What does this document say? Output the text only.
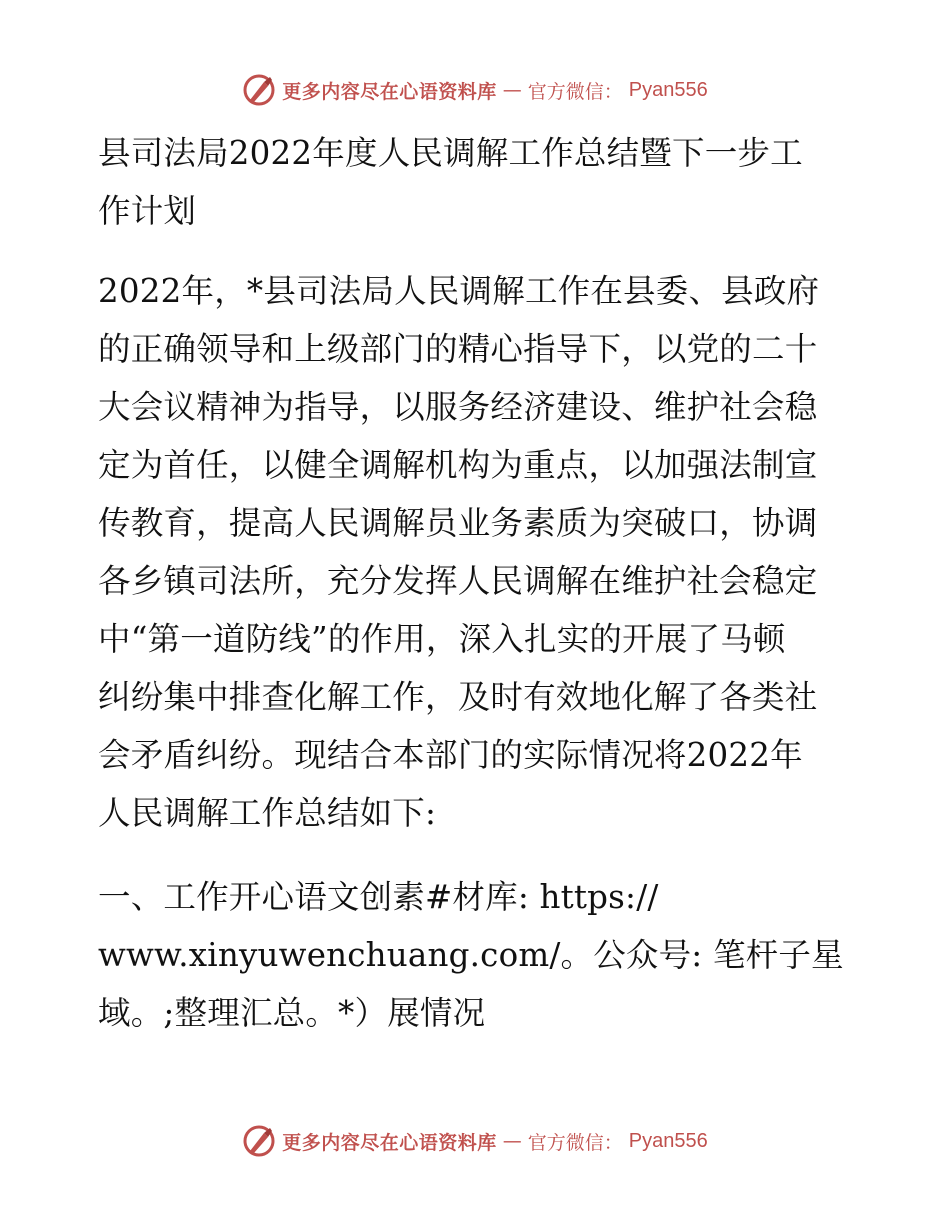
更多内容尽在心语资料库 — 官方微信： Pyan556
县司法局2022年度人民调解工作总结暨下一步工
作计划
2022年，*县司法局人民调解工作在县委、县政府
的正确领导和上级部门的精心指导下，以党的二十
大会议精神为指导，以服务经济建设、维护社会稳
定为首任，以健全调解机构为重点，以加强法制宣
传教育，提高人民调解员业务素质为突破口，协调
各乡镇司法所，充分发挥人民调解在维护社会稳定
中“第一道防线”的作用，深入扎实的开展了马顿
纠纷集中排查化解工作，及时有效地化解了各类社
会矛盾纠纷。现结合本部门的实际情况将2022年
人民调解工作总结如下:
一、工作开心语文创素#材库: https://
www.xinyuwenchuang.com/。公众号: 笔杆子星
域。;整理汇总。*）展情况
更多内容尽在心语资料库 — 官方微信： Pyan556
